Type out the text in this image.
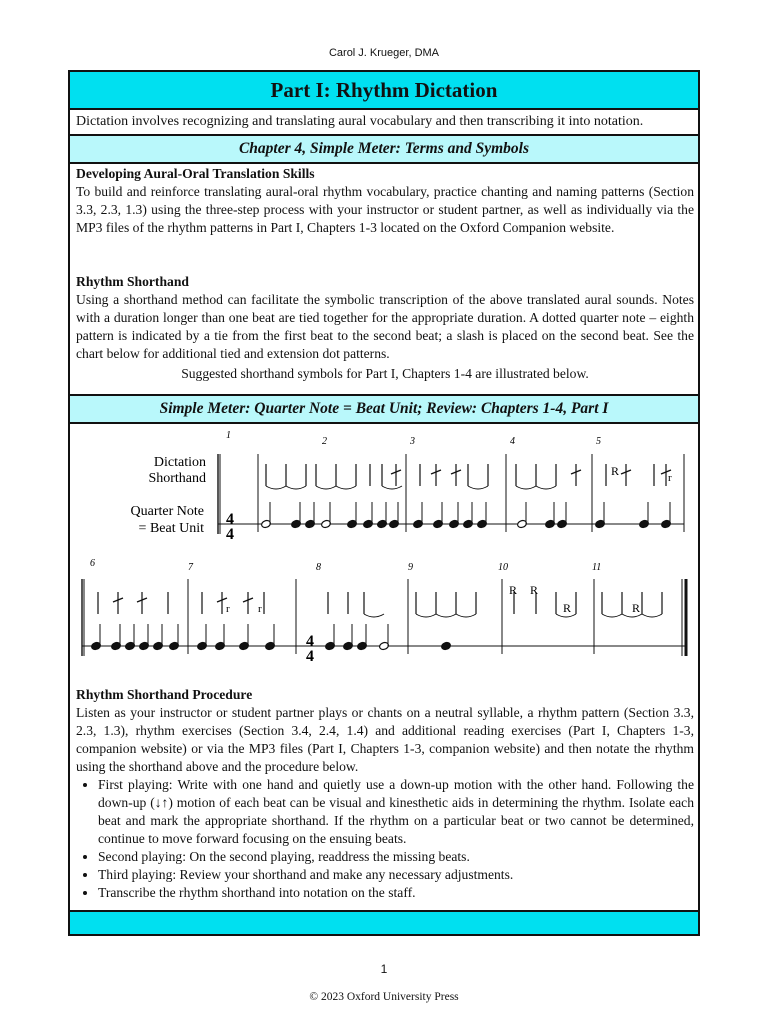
Carol J. Krueger, DMA
Part I: Rhythm Dictation
Dictation involves recognizing and translating aural vocabulary and then transcribing it into notation.
Chapter 4, Simple Meter: Terms and Symbols
Developing Aural-Oral Translation Skills

To build and reinforce translating aural-oral rhythm vocabulary, practice chanting and naming patterns (Section 3.3, 2.3, 1.3) using the three-step process with your instructor or student partner, as well as individually via the MP3 files of the rhythm patterns in Part I, Chapters 1-3 located on the Oxford Companion website.

Rhythm Shorthand

Using a shorthand method can facilitate the symbolic transcription of the above translated aural sounds. Notes with a duration longer than one beat are tied together for the appropriate duration. A dotted quarter note – eighth pattern is indicated by a tie from the first beat to the second beat; a slash is placed on the second beat. See the chart below for additional tied and extension dot patterns.

Suggested shorthand symbols for Part I, Chapters 1-4 are illustrated below.

Simple Meter: Quarter Note = Beat Unit; Review: Chapters 1-4, Part I
1
2	3	4	5
6	7	8	9	10	11
Dictation
Shorthand
Quarter Note
= Beat Unit
4
4
R	r
4
4
R R
R	R
r	r
Rhythm Shorthand Procedure

Listen as your instructor or student partner plays or chants on a neutral syllable, a rhythm pattern (Section 3.3, 2.3, 1.3), rhythm exercises (Section 3.4, 2.4, 1.4) and additional reading exercises (Part I, Chapters 1-3, companion website) or via the MP3 files (Part I, Chapters 1-3, companion website) and then notate the rhythm using the shorthand above and the procedure below.

• First playing: Write with one hand and quietly use a down-up motion with the other hand. Following the down-up (↓↑) motion of each beat can be visual and kinesthetic aids in determining the rhythm. Isolate each beat and mark the appropriate shorthand. If the rhythm on a particular beat or two cannot be determined, continue to move forward focusing on the ensuing beats.
• Second playing: On the second playing, readdress the missing beats.
• Third playing: Review your shorthand and make any necessary adjustments.
• Transcribe the rhythm shorthand into notation on the staff.
1
© 2023 Oxford University Press
